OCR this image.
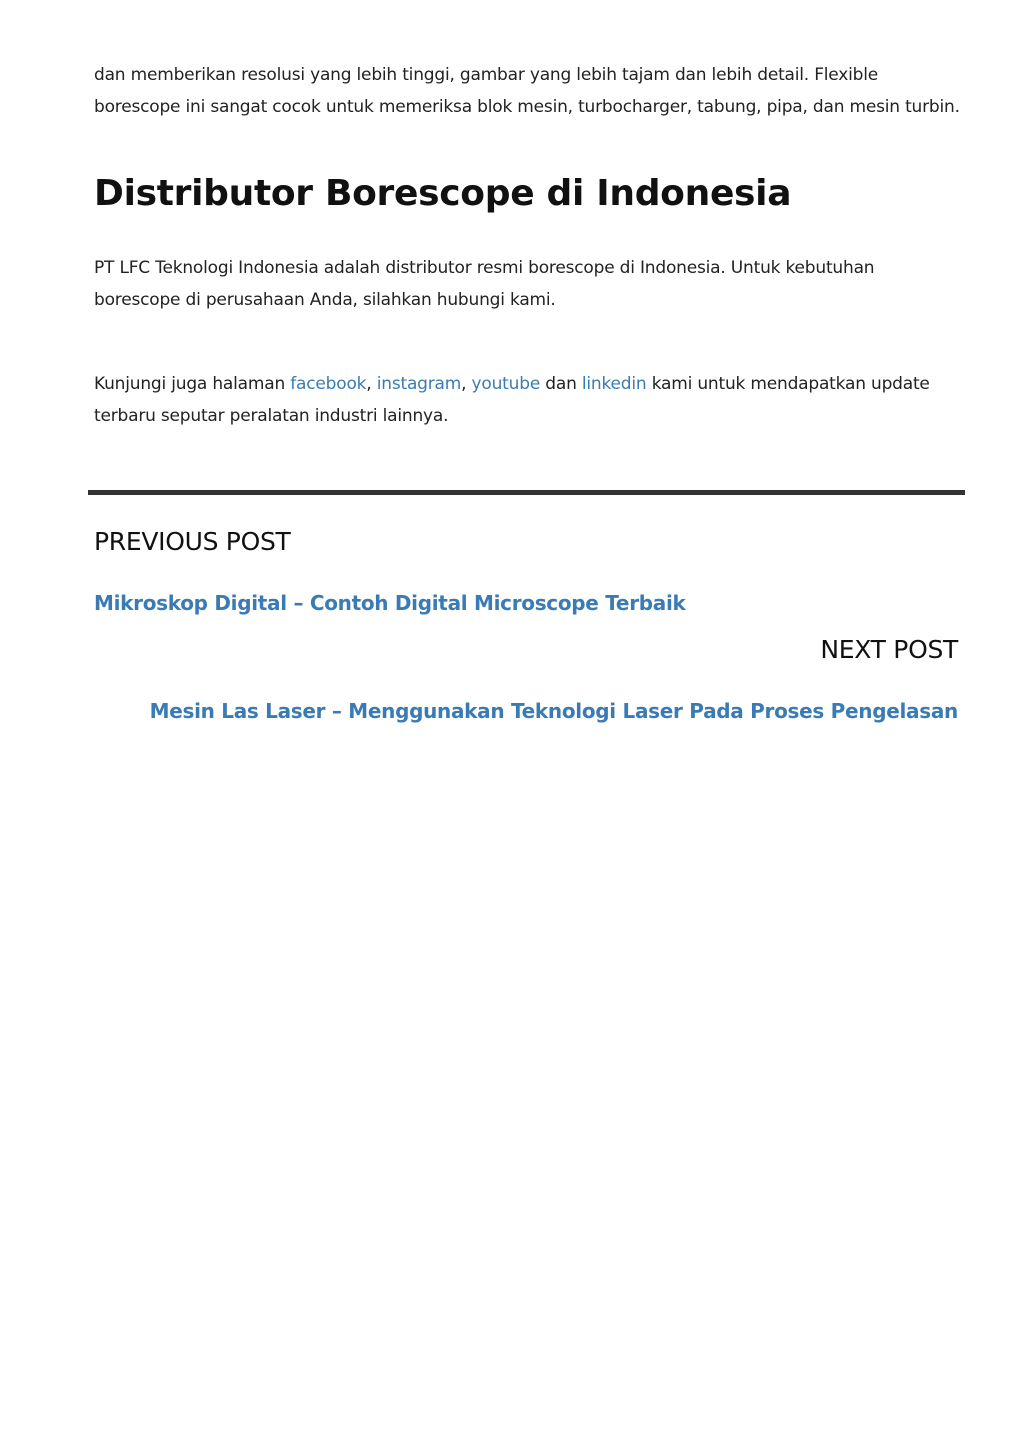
dan memberikan resolusi yang lebih tinggi, gambar yang lebih tajam dan lebih detail. Flexible borescope ini sangat cocok untuk memeriksa blok mesin, turbocharger, tabung, pipa, dan mesin turbin.

Distributor Borescope di Indonesia

PT LFC Teknologi Indonesia adalah distributor resmi borescope di Indonesia. Untuk kebutuhan borescope di perusahaan Anda, silahkan hubungi kami.

Kunjungi juga halaman facebook, instagram, youtube dan linkedin kami untuk mendapatkan update terbaru seputar peralatan industri lainnya.

PREVIOUS POST
Mikroskop Digital – Contoh Digital Microscope Terbaik
NEXT POST
Mesin Las Laser – Menggunakan Teknologi Laser Pada Proses Pengelasan
